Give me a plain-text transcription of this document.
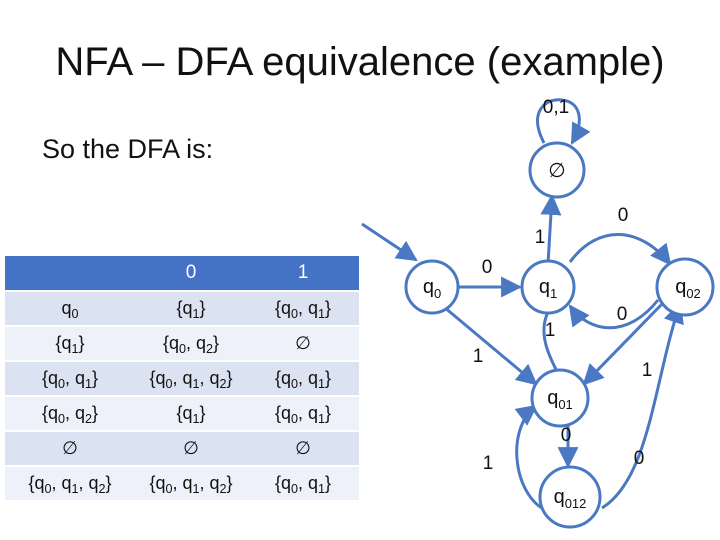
NFA – DFA equivalence (example)
So the DFA is:
	0	1
$q_0$	$\{q_1\}$	{$q_0$, $q_1$}
$\{q_1\}$	{$q_0$, $q_2$}	∅
{$q_0$, $q_1$}	{$q_0$, $q_1$, $q_2$}	{$q_0$, $q_1$}
{$q_0$, $q_2$}	$\{q_1\}$	{$q_0$, $q_1$}
∅	∅	∅
{$q_0$, $q_1$, $q_2$}	{$q_0$, $q_1$, $q_2$}	{$q_0$, $q_1$}
∅
$q_0$	$q_1$	$q_{02}$
$q_{01}$
$q_{012}$
0,1
1
0
0
1
0
1
1
0
1	0
